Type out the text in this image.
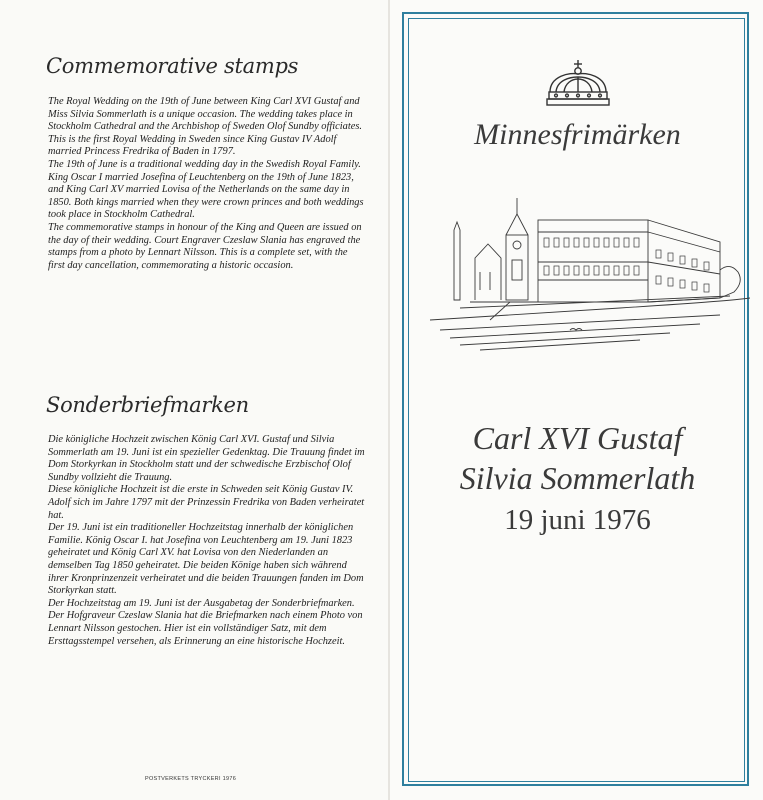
Commemorative stamps

The Royal Wedding on the 19th of June between King Carl XVI Gustaf and Miss Silvia Sommerlath is a unique occasion. The wedding takes place in Stockholm Cathedral and the Archbishop of Sweden Olof Sundby officiates.

This is the first Royal Wedding in Sweden since King Gustav IV Adolf married Princess Fredrika of Baden in 1797.

The 19th of June is a traditional wedding day in the Swedish Royal Family. King Oscar I married Josefina of Leuchtenberg on the 19th of June 1823, and King Carl XV married Lovisa of the Netherlands on the same day in 1850. Both kings married when they were crown princes and both weddings took place in Stockholm Cathedral.

The commemorative stamps in honour of the King and Queen are issued on the day of their wedding. Court Engraver Czeslaw Slania has engraved the stamps from a photo by Lennart Nilsson. This is a complete set, with the first day cancellation, commemorating a historic occasion.

Sonderbriefmarken

Die königliche Hochzeit zwischen König Carl XVI. Gustaf und Silvia Sommerlath am 19. Juni ist ein spezieller Gedenktag. Die Trauung findet im Dom Storkyrkan in Stockholm statt und der schwedische Erzbischof Olof Sundby vollzieht die Trauung.

Diese königliche Hochzeit ist die erste in Schweden seit König Gustav IV. Adolf sich im Jahre 1797 mit der Prinzessin Fredrika von Baden verheiratet hat.

Der 19. Juni ist ein traditioneller Hochzeitstag innerhalb der königlichen Familie. König Oscar I. hat Josefina von Leuchtenberg am 19. Juni 1823 geheiratet und König Carl XV. hat Lovisa von den Niederlanden an demselben Tag 1850 geheiratet. Die beiden Könige haben sich während ihrer Kronprinzenzeit verheiratet und die beiden Trauungen fanden im Dom Storkyrkan statt.

Der Hochzeitstag am 19. Juni ist der Ausgabetag der Sonderbriefmarken. Der Hofgraveur Czeslaw Slania hat die Briefmarken nach einem Photo von Lennart Nilsson gestochen. Hier ist ein vollständiger Satz, mit dem Ersttagsstempel versehen, als Erinnerung an eine historische Hochzeit.

POSTVERKETS TRYCKERI 1976
Minnesfrimärken
Carl XVI Gustaf
Silvia Sommerlath
19 juni 1976
